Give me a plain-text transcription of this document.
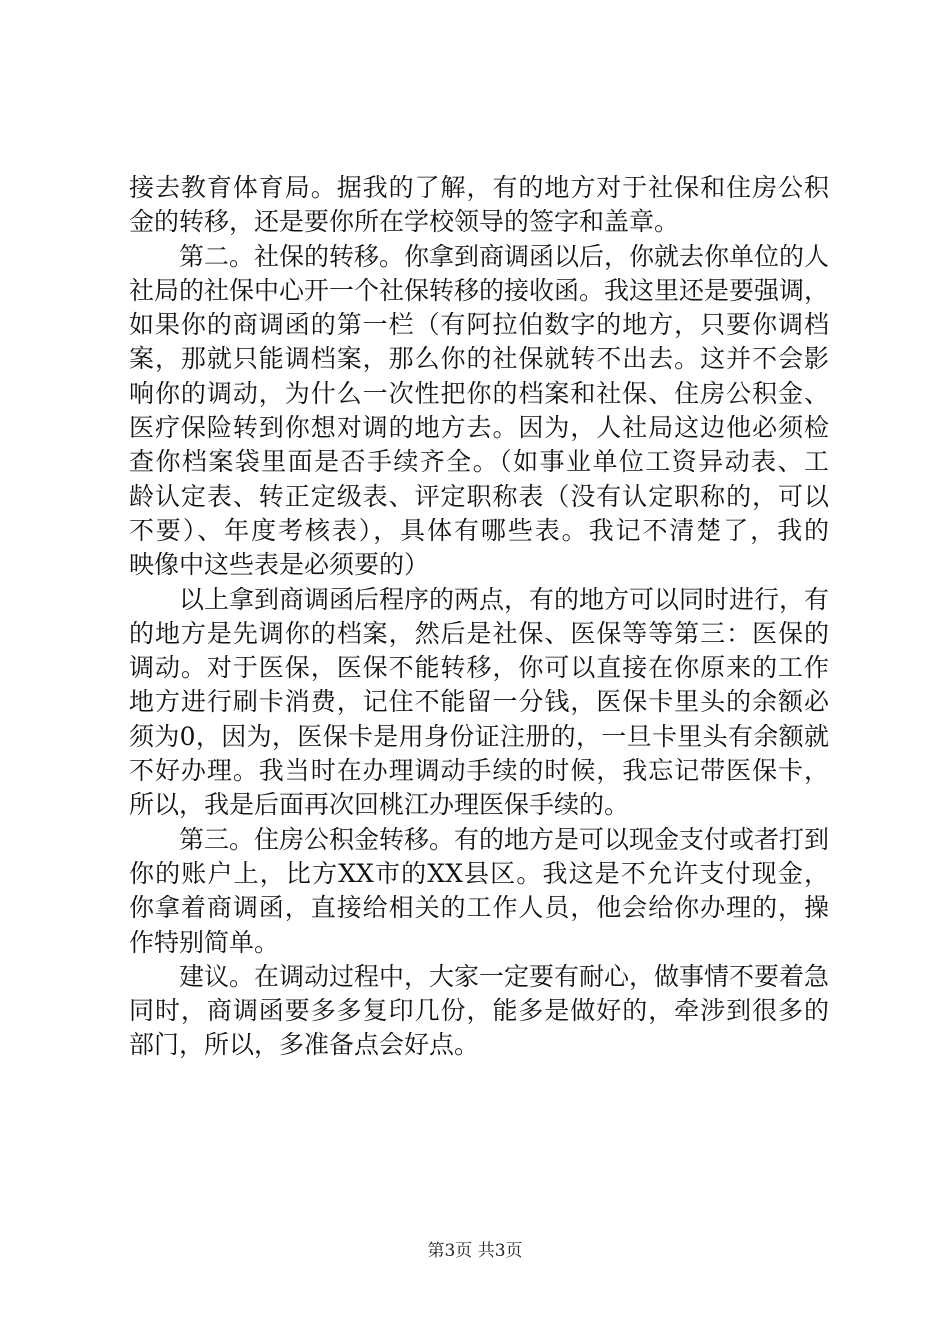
接去教育体育局。据我的了解，有的地方对于社保和住房公积
金的转移，还是要你所在学校领导的签字和盖章。
第二。社保的转移。你拿到商调函以后，你就去你单位的人
社局的社保中心开一个社保转移的接收函。我这里还是要强调，
如果你的商调函的第一栏（有阿拉伯数字的地方，只要你调档
案，那就只能调档案，那么你的社保就转不出去。这并不会影
响你的调动，为什么一次性把你的档案和社保、住房公积金、
医疗保险转到你想对调的地方去。因为，人社局这边他必须检
查你档案袋里面是否手续齐全。（如事业单位工资异动表、工
龄认定表、转正定级表、评定职称表（没有认定职称的，可以
不要）、年度考核表），具体有哪些表。我记不清楚了，我的
映像中这些表是必须要的）
以上拿到商调函后程序的两点，有的地方可以同时进行，有
的地方是先调你的档案，然后是社保、医保等等第三：医保的
调动。对于医保，医保不能转移，你可以直接在你原来的工作
地方进行刷卡消费，记住不能留一分钱，医保卡里头的余额必
须为0，因为，医保卡是用身份证注册的，一旦卡里头有余额就
不好办理。我当时在办理调动手续的时候，我忘记带医保卡，
所以，我是后面再次回桃江办理医保手续的。
第三。住房公积金转移。有的地方是可以现金支付或者打到
你的账户上，比方XX市的XX县区。我这是不允许支付现金，
你拿着商调函，直接给相关的工作人员，他会给你办理的，操
作特别简单。
建议。在调动过程中，大家一定要有耐心，做事情不要着急
同时，商调函要多多复印几份，能多是做好的，牵涉到很多的
部门，所以，多准备点会好点。
第3页 共3页
